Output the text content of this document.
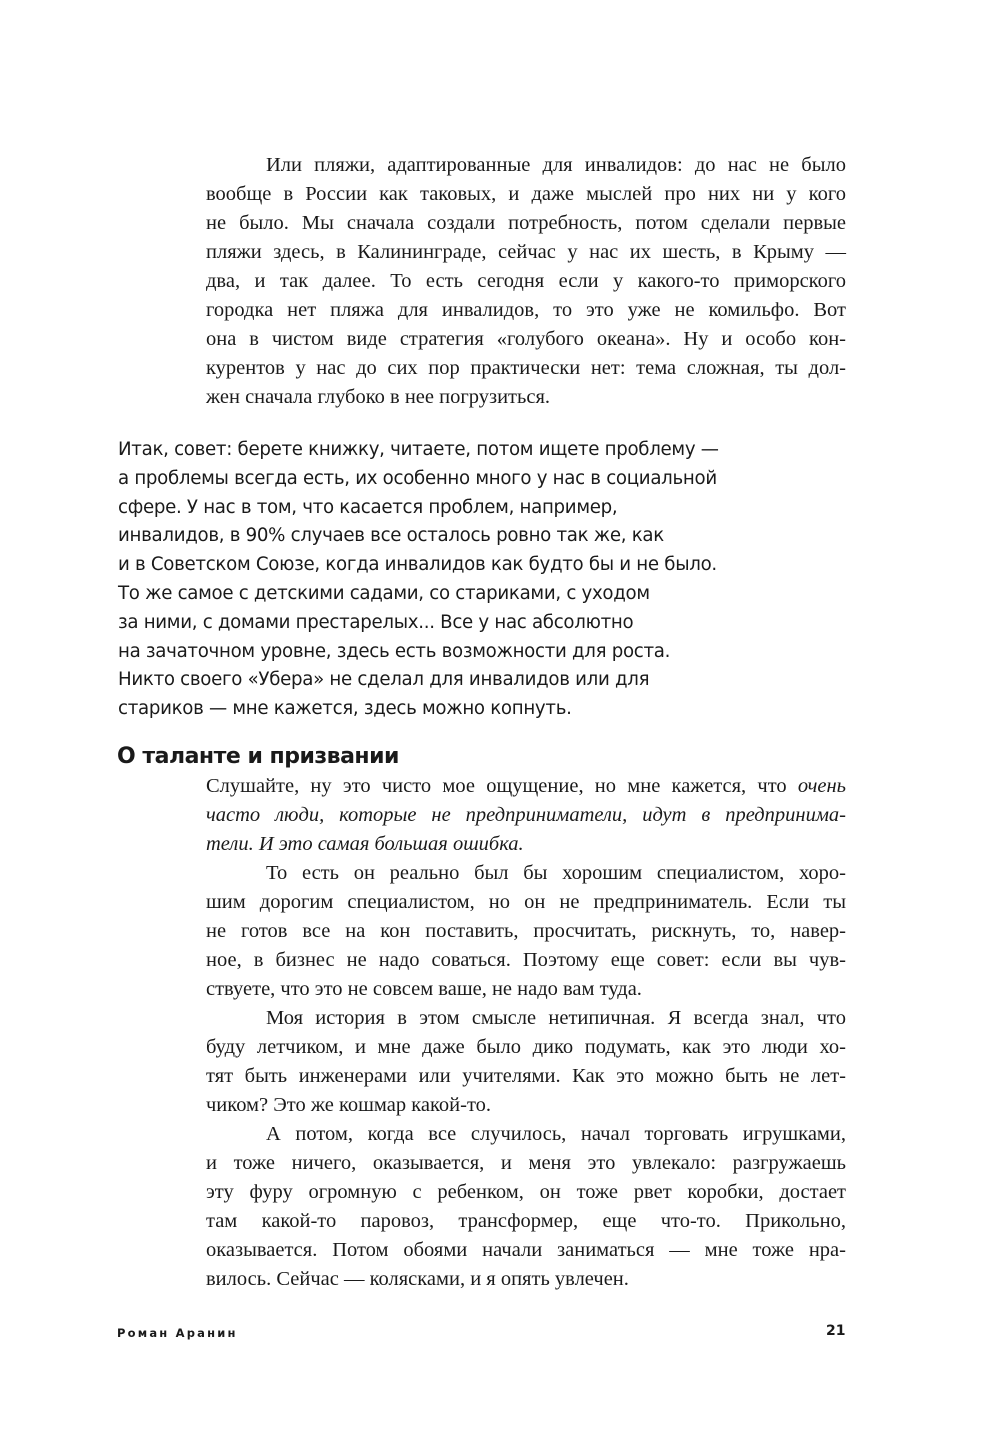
Или пляжи, адаптированные для инвалидов: до нас не было
вообще в России как таковых, и даже мыслей про них ни у кого
не было. Мы сначала создали потребность, потом сделали первые
пляжи здесь, в Калининграде, сейчас у нас их шесть, в Крыму —
два, и так далее. То есть сегодня если у какого-то приморского
городка нет пляжа для инвалидов, то это уже не комильфо. Вот
она в чистом виде стратегия «голубого океана». Ну и особо кон-
курентов у нас до сих пор практически нет: тема сложная, ты дол-
жен сначала глубоко в нее погрузиться.
Итак, совет: берете книжку, читаете, потом ищете проблему —
а проблемы всегда есть, их особенно много у нас в социальной
сфере. У нас в том, что касается проблем, например,
инвалидов, в 90% случаев все осталось ровно так же, как
и в Советском Союзе, когда инвалидов как будто бы и не было.
То же самое с детскими садами, со стариками, с уходом
за ними, с домами престарелых... Все у нас абсолютно
на зачаточном уровне, здесь есть возможности для роста.
Никто своего «Убера» не сделал для инвалидов или для
стариков — мне кажется, здесь можно копнуть.
О таланте и призвании
Слушайте, ну это чисто мое ощущение, но мне кажется, что очень
часто люди, которые не предприниматели, идут в предпринима-
тели. И это самая большая ошибка.
То есть он реально был бы хорошим специалистом, хоро-
шим дорогим специалистом, но он не предприниматель. Если ты
не готов все на кон поставить, просчитать, рискнуть, то, навер-
ное, в бизнес не надо соваться. Поэтому еще совет: если вы чув-
ствуете, что это не совсем ваше, не надо вам туда.
Моя история в этом смысле нетипичная. Я всегда знал, что
буду летчиком, и мне даже было дико подумать, как это люди хо-
тят быть инженерами или учителями. Как это можно быть не лет-
чиком? Это же кошмар какой-то.
А потом, когда все случилось, начал торговать игрушками,
и тоже ничего, оказывается, и меня это увлекало: разгружаешь
эту фуру огромную с ребенком, он тоже рвет коробки, достает
там какой-то паровоз, трансформер, еще что-то. Прикольно,
оказывается. Потом обоями начали заниматься — мне тоже нра-
вилось. Сейчас — колясками, и я опять увлечен.
Роман Аранин	21
